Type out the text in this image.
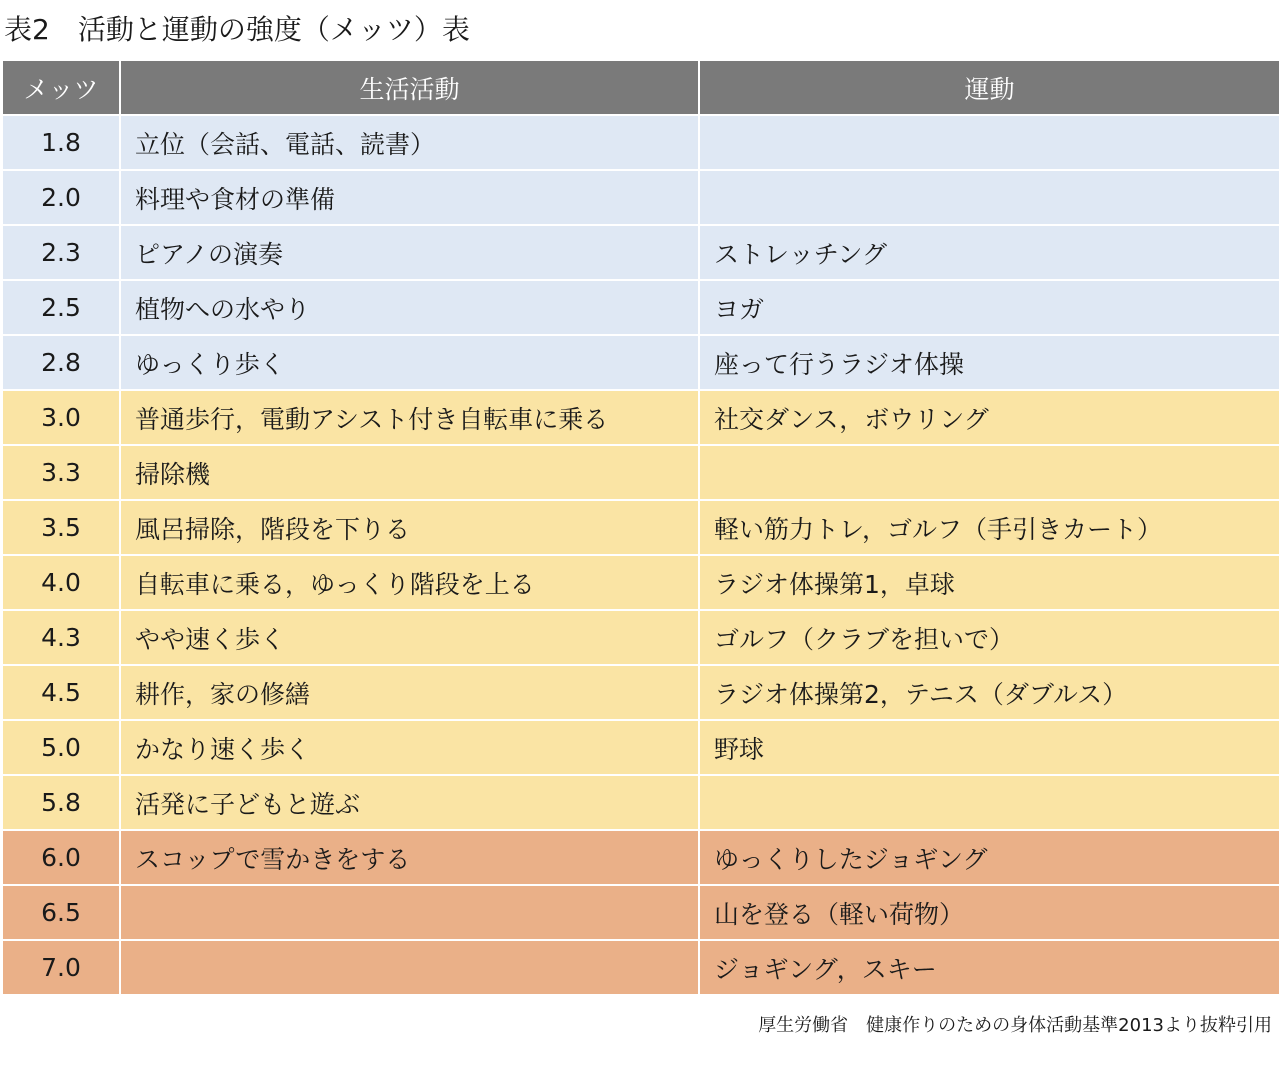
表2　活動と運動の強度（メッツ）表
メッツ	生活活動	運動
1.8	立位（会話、電話、読書）	
2.0	料理や食材の準備	
2.3	ピアノの演奏	ストレッチング
2.5	植物への水やり	ヨガ
2.8	ゆっくり歩く	座って行うラジオ体操
3.0	普通歩行，電動アシスト付き自転車に乗る	社交ダンス，ボウリング
3.3	掃除機	
3.5	風呂掃除，階段を下りる	軽い筋力トレ，ゴルフ（手引きカート）
4.0	自転車に乗る，ゆっくり階段を上る	ラジオ体操第1，卓球
4.3	やや速く歩く	ゴルフ（クラブを担いで）
4.5	耕作，家の修繕	ラジオ体操第2，テニス（ダブルス）
5.0	かなり速く歩く	野球
5.8	活発に子どもと遊ぶ	
6.0	スコップで雪かきをする	ゆっくりしたジョギング
6.5		山を登る（軽い荷物）
7.0		ジョギング，スキー
厚生労働省　健康作りのための身体活動基準2013より抜粋引用
